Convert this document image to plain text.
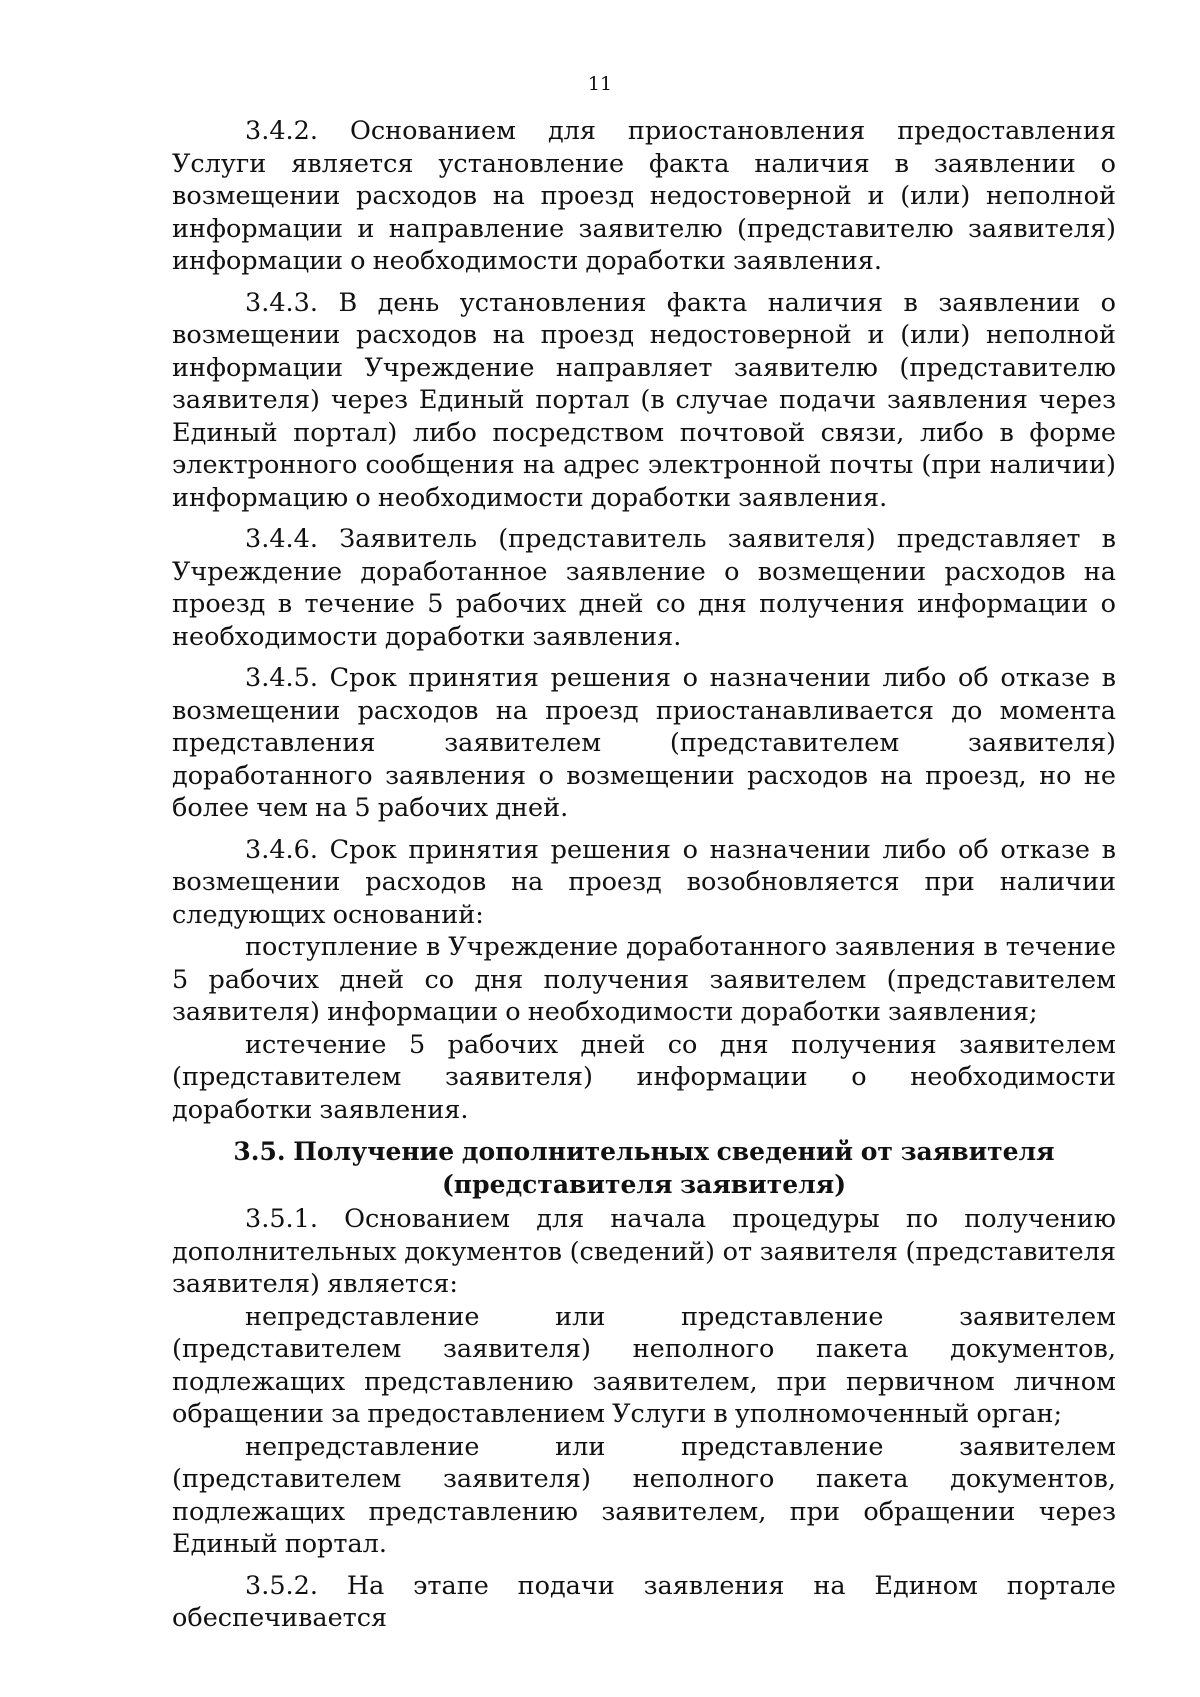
11

3.4.2. Основанием для приостановления предоставления Услуги является установление факта наличия в заявлении о возмещении расходов на проезд недостоверной и (или) неполной информации и направление заявителю (представителю заявителя) информации о необходимости доработки заявления.

3.4.3. В день установления факта наличия в заявлении о возмещении расходов на проезд недостоверной и (или) неполной информации Учреждение направляет заявителю (представителю заявителя) через Единый портал (в случае подачи заявления через Единый портал) либо посредством почтовой связи, либо в форме электронного сообщения на адрес электронной почты (при наличии) информацию о необходимости доработки заявления.

3.4.4. Заявитель (представитель заявителя) представляет в Учреждение доработанное заявление о возмещении расходов на проезд в течение 5 рабочих дней со дня получения информации о необходимости доработки заявления.

3.4.5. Срок принятия решения о назначении либо об отказе в возмещении расходов на проезд приостанавливается до момента представления заявителем (представителем заявителя) доработанного заявления о возмещении расходов на проезд, но не более чем на 5 рабочих дней.

3.4.6. Срок принятия решения о назначении либо об отказе в возмещении расходов на проезд возобновляется при наличии следующих оснований:

поступление в Учреждение доработанного заявления в течение 5 рабочих дней со дня получения заявителем (представителем заявителя) информации о необходимости доработки заявления;

истечение 5 рабочих дней со дня получения заявителем (представителем заявителя) информации о необходимости доработки заявления.

3.5. Получение дополнительных сведений от заявителя (представителя заявителя)

3.5.1. Основанием для начала процедуры по получению дополнительных документов (сведений) от заявителя (представителя заявителя) является:

непредставление или представление заявителем (представителем заявителя) неполного пакета документов, подлежащих представлению заявителем, при первичном личном обращении за предоставлением Услуги в уполномоченный орган;

непредставление или представление заявителем (представителем заявителя) неполного пакета документов, подлежащих представлению заявителем, при обращении через Единый портал.

3.5.2. На этапе подачи заявления на Едином портале обеспечивается
